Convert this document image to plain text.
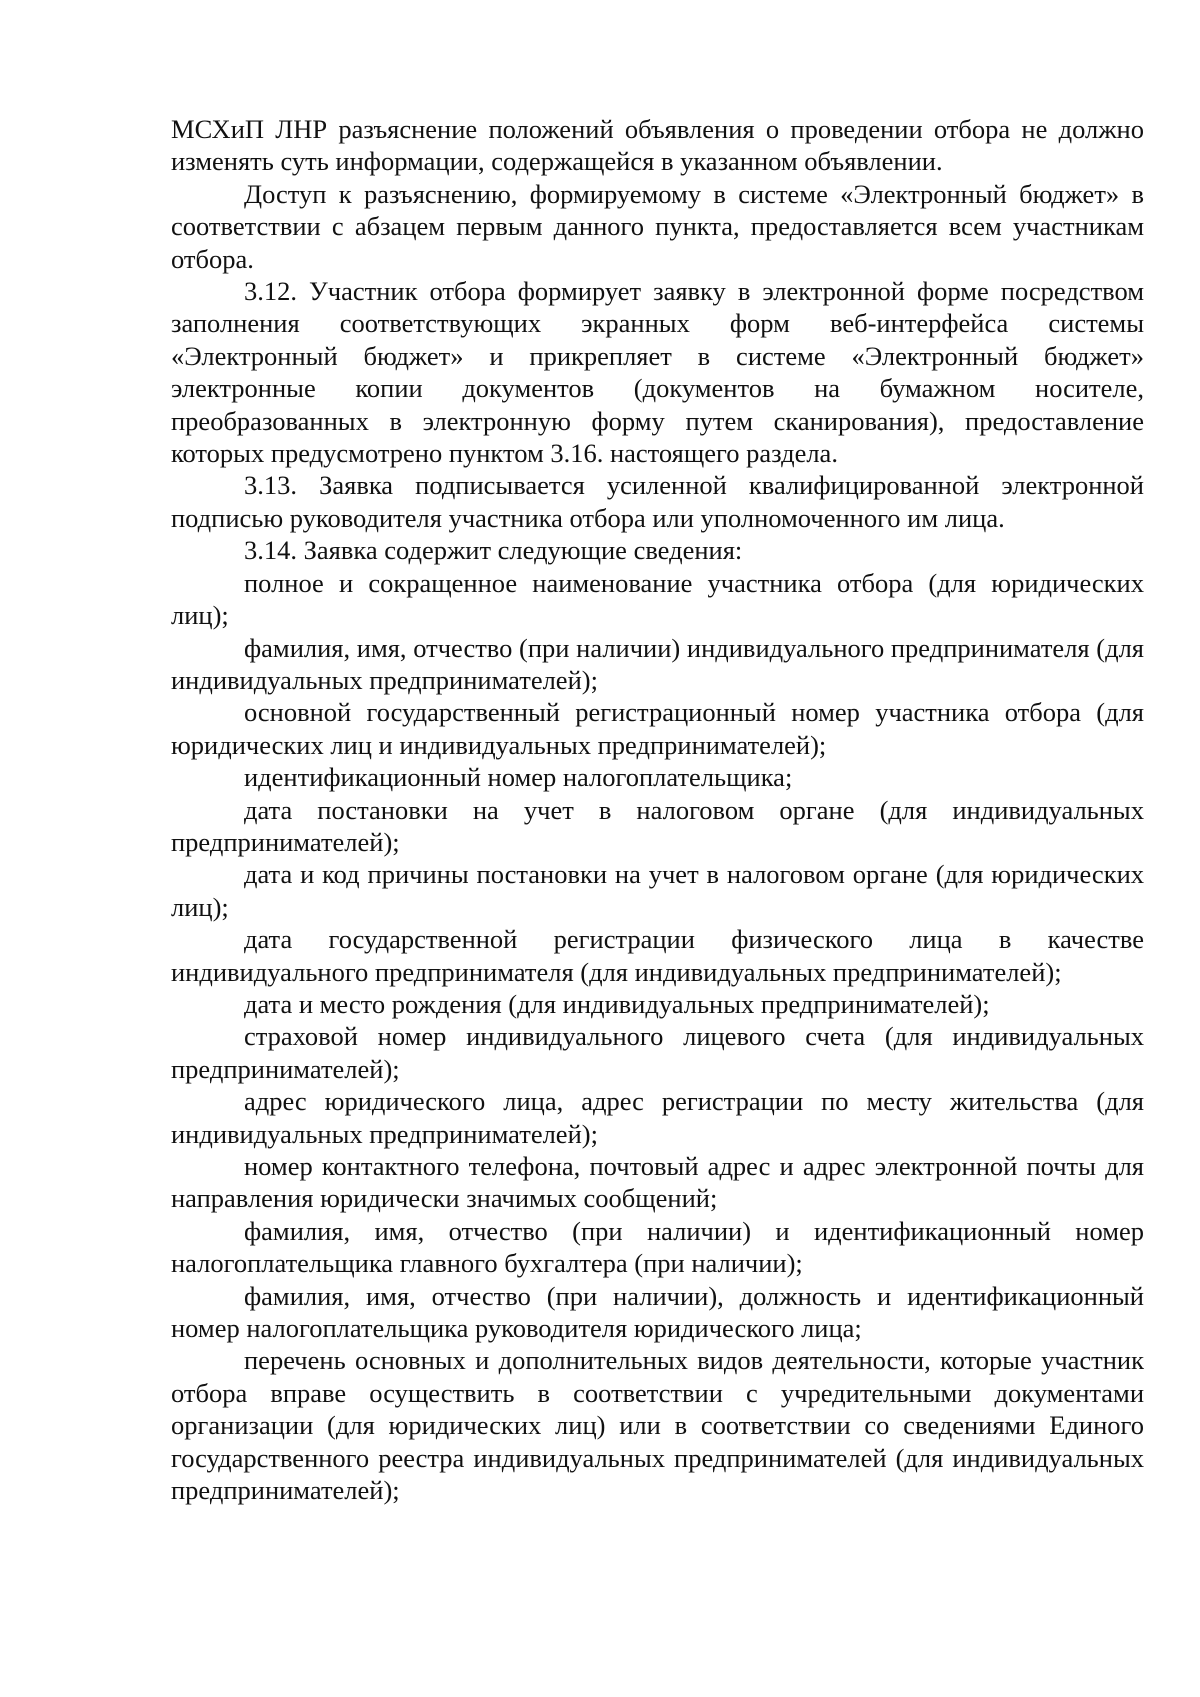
МСХиП ЛНР разъяснение положений объявления о проведении отбора не должно изменять суть информации, содержащейся в указанном объявлении.

Доступ к разъяснению, формируемому в системе «Электронный бюджет» в соответствии с абзацем первым данного пункта, предоставляется всем участникам отбора.

3.12. Участник отбора формирует заявку в электронной форме посредством заполнения соответствующих экранных форм веб-интерфейса системы «Электронный бюджет» и прикрепляет в системе «Электронный бюджет» электронные копии документов (документов на бумажном носителе, преобразованных в электронную форму путем сканирования), предоставление которых предусмотрено пунктом 3.16. настоящего раздела.

3.13. Заявка подписывается усиленной квалифицированной электронной подписью руководителя участника отбора или уполномоченного им лица.

3.14. Заявка содержит следующие сведения:

полное и сокращенное наименование участника отбора (для юридических лиц);

фамилия, имя, отчество (при наличии) индивидуального предпринимателя (для индивидуальных предпринимателей);

основной государственный регистрационный номер участника отбора (для юридических лиц и индивидуальных предпринимателей);

идентификационный номер налогоплательщика;

дата постановки на учет в налоговом органе (для индивидуальных предпринимателей);

дата и код причины постановки на учет в налоговом органе (для юридических лиц);

дата государственной регистрации физического лица в качестве индивидуального предпринимателя (для индивидуальных предпринимателей);

дата и место рождения (для индивидуальных предпринимателей);

страховой номер индивидуального лицевого счета (для индивидуальных предпринимателей);

адрес юридического лица, адрес регистрации по месту жительства (для индивидуальных предпринимателей);

номер контактного телефона, почтовый адрес и адрес электронной почты для направления юридически значимых сообщений;

фамилия, имя, отчество (при наличии) и идентификационный номер налогоплательщика главного бухгалтера (при наличии);

фамилия, имя, отчество (при наличии), должность и идентификационный номер налогоплательщика руководителя юридического лица;

перечень основных и дополнительных видов деятельности, которые участник отбора вправе осуществить в соответствии с учредительными документами организации (для юридических лиц) или в соответствии со сведениями Единого государственного реестра индивидуальных предпринимателей (для индивидуальных предпринимателей);
